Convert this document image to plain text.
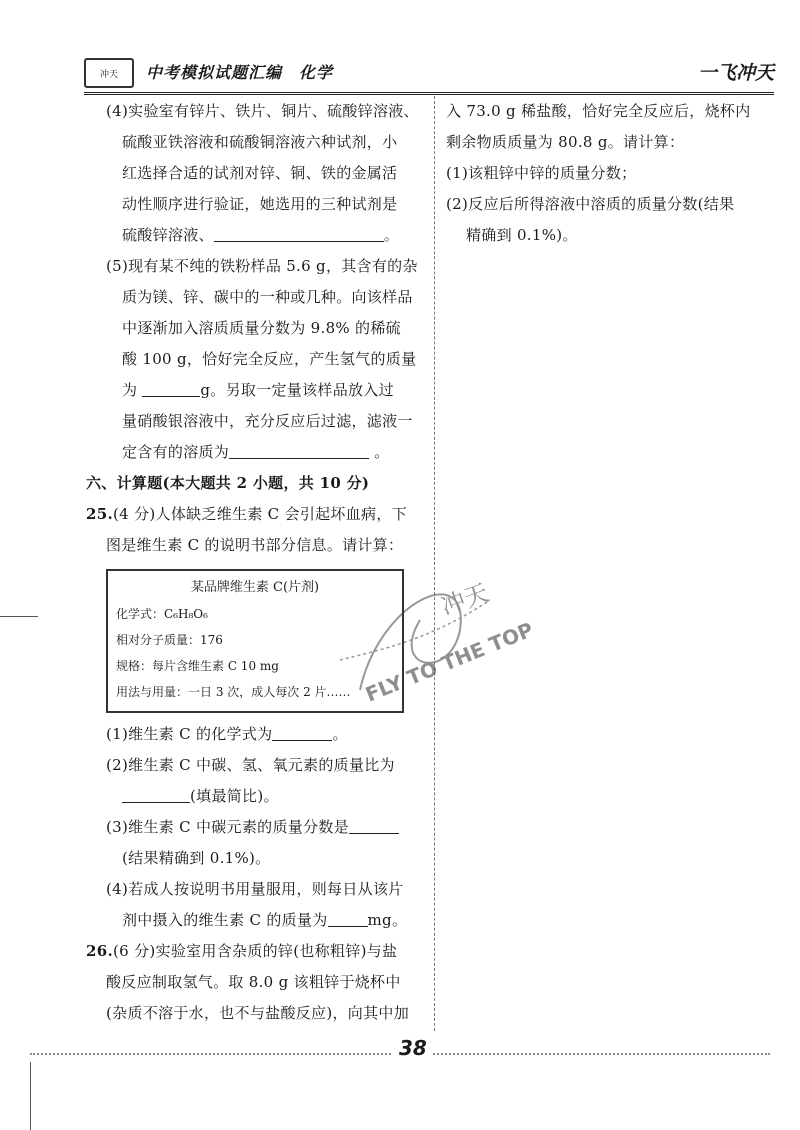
冲天 中考模拟试题汇编　化学	一飞冲天
(4)实验室有锌片、铁片、铜片、硫酸锌溶液、
硫酸亚铁溶液和硫酸铜溶液六种试剂，小
红选择合适的试剂对锌、铜、铁的金属活
动性顺序进行验证，她选用的三种试剂是
硫酸锌溶液、	。
(5)现有某不纯的铁粉样品 5.6 g，其含有的杂
质为镁、锌、碳中的一种或几种。向该样品
中逐渐加入溶质质量分数为 9.8% 的稀硫
酸 100 g，恰好完全反应，产生氢气的质量
为	g。另取一定量该样品放入过
量硝酸银溶液中，充分反应后过滤，滤液一
定含有的溶质为	。
六、计算题(本大题共 2 小题，共 10 分)
25.(4 分)人体缺乏维生素 C 会引起坏血病，下
图是维生素 C 的说明书部分信息。请计算：
某品牌维生素 C(片剂)
化学式：C₆H₈O₆
相对分子质量：176
规格：每片含维生素 C 10 mg
用法与用量：一日 3 次，成人每次 2 片……
(1)维生素 C 的化学式为	。
(2)维生素 C 中碳、氢、氧元素的质量比为
(填最简比)。
(3)维生素 C 中碳元素的质量分数是
(结果精确到 0.1%)。
(4)若成人按说明书用量服用，则每日从该片
剂中摄入的维生素 C 的质量为	mg。
26.(6 分)实验室用含杂质的锌(也称粗锌)与盐
酸反应制取氢气。取 8.0 g 该粗锌于烧杯中
(杂质不溶于水，也不与盐酸反应)，向其中加
入 73.0 g 稀盐酸，恰好完全反应后，烧杯内
剩余物质质量为 80.8 g。请计算：
(1)该粗锌中锌的质量分数；
(2)反应后所得溶液中溶质的质量分数(结果
精确到 0.1%)。
冲天
FLY TO THE TOP
38
